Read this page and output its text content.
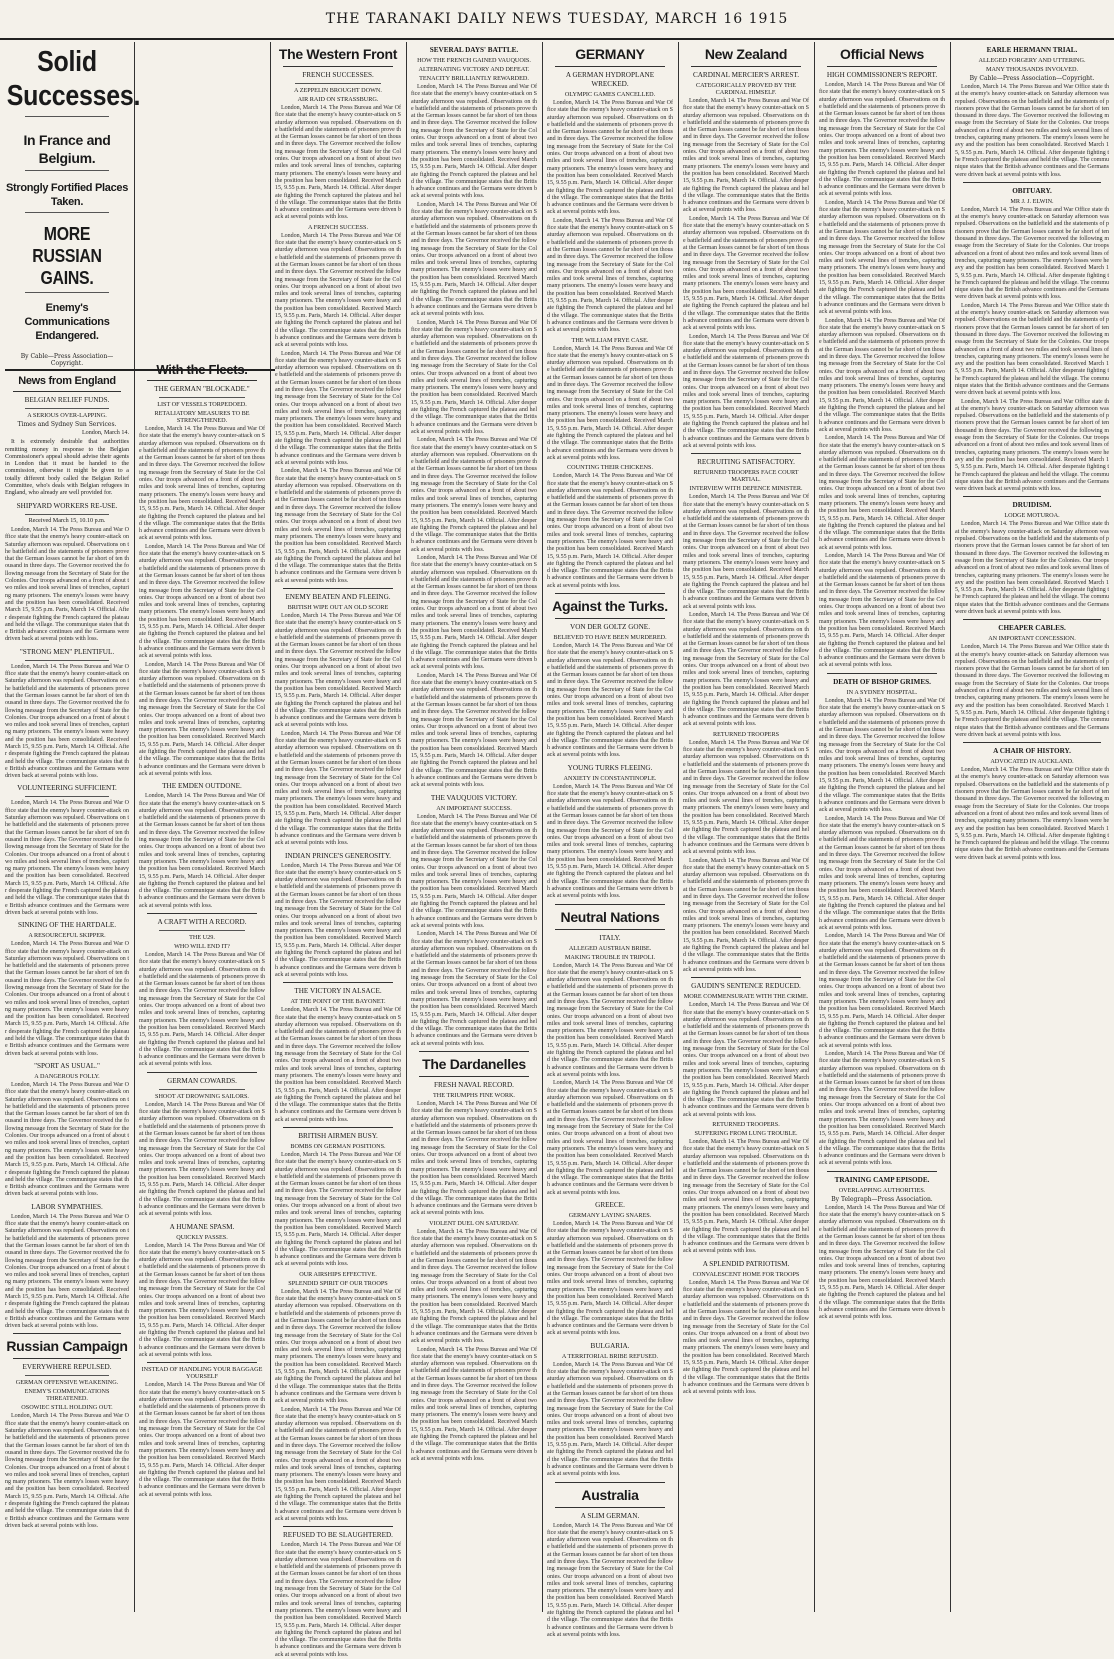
THE TARANAKI DAILY NEWS TUESDAY, MARCH 16 1915
Solid Successes.
In France and Belgium.
Strongly Fortified Places Taken.
MORE RUSSIAN GAINS.
Enemy's Communications Endangered.
By Cable—Press Association—Copyright.
News from England
BELGIAN RELIEF FUNDS.
A SERIOUS OVER-LAPPING.
Times and Sydney Sun Services.

London, March 14.

It is extremely desirable that authorities remitting money in response to the Belgian Commissioner's appeal should advise their agents in London that it must be handed to the commission, otherwise it might be given to a totally different body called the Belgian Relief Committee, who's deals with Belgian refugees in England, who already are well provided for.

SHIPYARD WORKERS RE-USE.

Received March 15, 10.10 p.m.

London, March 14. The Press Bureau and War Office state that the enemy's heavy counter-attack on Saturday afternoon was repulsed. Observations on the battlefield and the statements of prisoners prove that the German losses cannot be far short of ten thousand in three days. The Governor received the following message from the Secretary of State for the Colonies. Our troops advanced on a front of about two miles and took several lines of trenches, capturing many prisoners. The enemy's losses were heavy and the position has been consolidated. Received March 15, 9.55 p.m. Paris, March 14. Official. After desperate fighting the French captured the plateau and held the village. The communique states that the British advance continues and the Germans were driven back at several points with loss.

"STRONG MEN" PLENTIFUL.

London, March 14. The Press Bureau and War Office state that the enemy's heavy counter-attack on Saturday afternoon was repulsed. Observations on the battlefield and the statements of prisoners prove that the German losses cannot be far short of ten thousand in three days. The Governor received the following message from the Secretary of State for the Colonies. Our troops advanced on a front of about two miles and took several lines of trenches, capturing many prisoners. The enemy's losses were heavy and the position has been consolidated. Received March 15, 9.55 p.m. Paris, March 14. Official. After desperate fighting the French captured the plateau and held the village. The communique states that the British advance continues and the Germans were driven back at several points with loss.

VOLUNTEERING SUFFICIENT.

London, March 14. The Press Bureau and War Office state that the enemy's heavy counter-attack on Saturday afternoon was repulsed. Observations on the battlefield and the statements of prisoners prove that the German losses cannot be far short of ten thousand in three days. The Governor received the following message from the Secretary of State for the Colonies. Our troops advanced on a front of about two miles and took several lines of trenches, capturing many prisoners. The enemy's losses were heavy and the position has been consolidated. Received March 15, 9.55 p.m. Paris, March 14. Official. After desperate fighting the French captured the plateau and held the village. The communique states that the British advance continues and the Germans were driven back at several points with loss.

SINKING OF THE HARTDALE.
A RESOURCEFUL SKIPPER.

London, March 14. The Press Bureau and War Office state that the enemy's heavy counter-attack on Saturday afternoon was repulsed. Observations on the battlefield and the statements of prisoners prove that the German losses cannot be far short of ten thousand in three days. The Governor received the following message from the Secretary of State for the Colonies. Our troops advanced on a front of about two miles and took several lines of trenches, capturing many prisoners. The enemy's losses were heavy and the position has been consolidated. Received March 15, 9.55 p.m. Paris, March 14. Official. After desperate fighting the French captured the plateau and held the village. The communique states that the British advance continues and the Germans were driven back at several points with loss.

"SPORT AS USUAL."
A DANGEROUS FOLLY.

London, March 14. The Press Bureau and War Office state that the enemy's heavy counter-attack on Saturday afternoon was repulsed. Observations on the battlefield and the statements of prisoners prove that the German losses cannot be far short of ten thousand in three days. The Governor received the following message from the Secretary of State for the Colonies. Our troops advanced on a front of about two miles and took several lines of trenches, capturing many prisoners. The enemy's losses were heavy and the position has been consolidated. Received March 15, 9.55 p.m. Paris, March 14. Official. After desperate fighting the French captured the plateau and held the village. The communique states that the British advance continues and the Germans were driven back at several points with loss.

LABOR SYMPATHIES.

London, March 14. The Press Bureau and War Office state that the enemy's heavy counter-attack on Saturday afternoon was repulsed. Observations on the battlefield and the statements of prisoners prove that the German losses cannot be far short of ten thousand in three days. The Governor received the following message from the Secretary of State for the Colonies. Our troops advanced on a front of about two miles and took several lines of trenches, capturing many prisoners. The enemy's losses were heavy and the position has been consolidated. Received March 15, 9.55 p.m. Paris, March 14. Official. After desperate fighting the French captured the plateau and held the village. The communique states that the British advance continues and the Germans were driven back at several points with loss.

Russian Campaign
EVERYWHERE REPULSED.
GERMAN OFFENSIVE WEAKENING.
ENEMY'S COMMUNICATIONS THREATENED.
OSOWIEC STILL HOLDING OUT.

London, March 14. The Press Bureau and War Office state that the enemy's heavy counter-attack on Saturday afternoon was repulsed. Observations on the battlefield and the statements of prisoners prove that the German losses cannot be far short of ten thousand in three days. The Governor received the following message from the Secretary of State for the Colonies. Our troops advanced on a front of about two miles and took several lines of trenches, capturing many prisoners. The enemy's losses were heavy and the position has been consolidated. Received March 15, 9.55 p.m. Paris, March 14. Official. After desperate fighting the French captured the plateau and held the village. The communique states that the British advance continues and the Germans were driven back at several points with loss.

With the Fleets.
THE GERMAN "BLOCKADE."
LIST OF VESSELS TORPEDOED.
RETALIATORY MEASURES TO BE STRENGTHENED.

London, March 14. The Press Bureau and War Office state that the enemy's heavy counter-attack on Saturday afternoon was repulsed. Observations on the battlefield and the statements of prisoners prove that the German losses cannot be far short of ten thousand in three days. The Governor received the following message from the Secretary of State for the Colonies. Our troops advanced on a front of about two miles and took several lines of trenches, capturing many prisoners. The enemy's losses were heavy and the position has been consolidated. Received March 15, 9.55 p.m. Paris, March 14. Official. After desperate fighting the French captured the plateau and held the village. The communique states that the British advance continues and the Germans were driven back at several points with loss.

London, March 14. The Press Bureau and War Office state that the enemy's heavy counter-attack on Saturday afternoon was repulsed. Observations on the battlefield and the statements of prisoners prove that the German losses cannot be far short of ten thousand in three days. The Governor received the following message from the Secretary of State for the Colonies. Our troops advanced on a front of about two miles and took several lines of trenches, capturing many prisoners. The enemy's losses were heavy and the position has been consolidated. Received March 15, 9.55 p.m. Paris, March 14. Official. After desperate fighting the French captured the plateau and held the village. The communique states that the British advance continues and the Germans were driven back at several points with loss.

London, March 14. The Press Bureau and War Office state that the enemy's heavy counter-attack on Saturday afternoon was repulsed. Observations on the battlefield and the statements of prisoners prove that the German losses cannot be far short of ten thousand in three days. The Governor received the following message from the Secretary of State for the Colonies. Our troops advanced on a front of about two miles and took several lines of trenches, capturing many prisoners. The enemy's losses were heavy and the position has been consolidated. Received March 15, 9.55 p.m. Paris, March 14. Official. After desperate fighting the French captured the plateau and held the village. The communique states that the British advance continues and the Germans were driven back at several points with loss.

THE EMDEN OUTDONE.

London, March 14. The Press Bureau and War Office state that the enemy's heavy counter-attack on Saturday afternoon was repulsed. Observations on the battlefield and the statements of prisoners prove that the German losses cannot be far short of ten thousand in three days. The Governor received the following message from the Secretary of State for the Colonies. Our troops advanced on a front of about two miles and took several lines of trenches, capturing many prisoners. The enemy's losses were heavy and the position has been consolidated. Received March 15, 9.55 p.m. Paris, March 14. Official. After desperate fighting the French captured the plateau and held the village. The communique states that the British advance continues and the Germans were driven back at several points with loss.

A CRAFT WITH A RECORD.
THE U29.
WHO WILL END IT?

London, March 14. The Press Bureau and War Office state that the enemy's heavy counter-attack on Saturday afternoon was repulsed. Observations on the battlefield and the statements of prisoners prove that the German losses cannot be far short of ten thousand in three days. The Governor received the following message from the Secretary of State for the Colonies. Our troops advanced on a front of about two miles and took several lines of trenches, capturing many prisoners. The enemy's losses were heavy and the position has been consolidated. Received March 15, 9.55 p.m. Paris, March 14. Official. After desperate fighting the French captured the plateau and held the village. The communique states that the British advance continues and the Germans were driven back at several points with loss.

GERMAN COWARDS.
SHOOT AT DROWNING SAILORS.

London, March 14. The Press Bureau and War Office state that the enemy's heavy counter-attack on Saturday afternoon was repulsed. Observations on the battlefield and the statements of prisoners prove that the German losses cannot be far short of ten thousand in three days. The Governor received the following message from the Secretary of State for the Colonies. Our troops advanced on a front of about two miles and took several lines of trenches, capturing many prisoners. The enemy's losses were heavy and the position has been consolidated. Received March 15, 9.55 p.m. Paris, March 14. Official. After desperate fighting the French captured the plateau and held the village. The communique states that the British advance continues and the Germans were driven back at several points with loss.

A HUMANE SPASM.
QUICKLY PASSES.

London, March 14. The Press Bureau and War Office state that the enemy's heavy counter-attack on Saturday afternoon was repulsed. Observations on the battlefield and the statements of prisoners prove that the German losses cannot be far short of ten thousand in three days. The Governor received the following message from the Secretary of State for the Colonies. Our troops advanced on a front of about two miles and took several lines of trenches, capturing many prisoners. The enemy's losses were heavy and the position has been consolidated. Received March 15, 9.55 p.m. Paris, March 14. Official. After desperate fighting the French captured the plateau and held the village. The communique states that the British advance continues and the Germans were driven back at several points with loss.

INSTEAD OF HANDLING YOUR BAGGAGE YOURSELF

London, March 14. The Press Bureau and War Office state that the enemy's heavy counter-attack on Saturday afternoon was repulsed. Observations on the battlefield and the statements of prisoners prove that the German losses cannot be far short of ten thousand in three days. The Governor received the following message from the Secretary of State for the Colonies. Our troops advanced on a front of about two miles and took several lines of trenches, capturing many prisoners. The enemy's losses were heavy and the position has been consolidated. Received March 15, 9.55 p.m. Paris, March 14. Official. After desperate fighting the French captured the plateau and held the village. The communique states that the British advance continues and the Germans were driven back at several points with loss.

The Western Front
FRENCH SUCCESSES.
A ZEPPELIN BROUGHT DOWN.
AIR RAID ON STRASSBURG.

London, March 14. The Press Bureau and War Office state that the enemy's heavy counter-attack on Saturday afternoon was repulsed. Observations on the battlefield and the statements of prisoners prove that the German losses cannot be far short of ten thousand in three days. The Governor received the following message from the Secretary of State for the Colonies. Our troops advanced on a front of about two miles and took several lines of trenches, capturing many prisoners. The enemy's losses were heavy and the position has been consolidated. Received March 15, 9.55 p.m. Paris, March 14. Official. After desperate fighting the French captured the plateau and held the village. The communique states that the British advance continues and the Germans were driven back at several points with loss.

A FRENCH SUCCESS.

London, March 14. The Press Bureau and War Office state that the enemy's heavy counter-attack on Saturday afternoon was repulsed. Observations on the battlefield and the statements of prisoners prove that the German losses cannot be far short of ten thousand in three days. The Governor received the following message from the Secretary of State for the Colonies. Our troops advanced on a front of about two miles and took several lines of trenches, capturing many prisoners. The enemy's losses were heavy and the position has been consolidated. Received March 15, 9.55 p.m. Paris, March 14. Official. After desperate fighting the French captured the plateau and held the village. The communique states that the British advance continues and the Germans were driven back at several points with loss.

London, March 14. The Press Bureau and War Office state that the enemy's heavy counter-attack on Saturday afternoon was repulsed. Observations on the battlefield and the statements of prisoners prove that the German losses cannot be far short of ten thousand in three days. The Governor received the following message from the Secretary of State for the Colonies. Our troops advanced on a front of about two miles and took several lines of trenches, capturing many prisoners. The enemy's losses were heavy and the position has been consolidated. Received March 15, 9.55 p.m. Paris, March 14. Official. After desperate fighting the French captured the plateau and held the village. The communique states that the British advance continues and the Germans were driven back at several points with loss.

London, March 14. The Press Bureau and War Office state that the enemy's heavy counter-attack on Saturday afternoon was repulsed. Observations on the battlefield and the statements of prisoners prove that the German losses cannot be far short of ten thousand in three days. The Governor received the following message from the Secretary of State for the Colonies. Our troops advanced on a front of about two miles and took several lines of trenches, capturing many prisoners. The enemy's losses were heavy and the position has been consolidated. Received March 15, 9.55 p.m. Paris, March 14. Official. After desperate fighting the French captured the plateau and held the village. The communique states that the British advance continues and the Germans were driven back at several points with loss.

ENEMY BEATEN AND FLEEING.
BRITISH WIPE OUT AN OLD SCORE

London, March 14. The Press Bureau and War Office state that the enemy's heavy counter-attack on Saturday afternoon was repulsed. Observations on the battlefield and the statements of prisoners prove that the German losses cannot be far short of ten thousand in three days. The Governor received the following message from the Secretary of State for the Colonies. Our troops advanced on a front of about two miles and took several lines of trenches, capturing many prisoners. The enemy's losses were heavy and the position has been consolidated. Received March 15, 9.55 p.m. Paris, March 14. Official. After desperate fighting the French captured the plateau and held the village. The communique states that the British advance continues and the Germans were driven back at several points with loss.

London, March 14. The Press Bureau and War Office state that the enemy's heavy counter-attack on Saturday afternoon was repulsed. Observations on the battlefield and the statements of prisoners prove that the German losses cannot be far short of ten thousand in three days. The Governor received the following message from the Secretary of State for the Colonies. Our troops advanced on a front of about two miles and took several lines of trenches, capturing many prisoners. The enemy's losses were heavy and the position has been consolidated. Received March 15, 9.55 p.m. Paris, March 14. Official. After desperate fighting the French captured the plateau and held the village. The communique states that the British advance continues and the Germans were driven back at several points with loss.

INDIAN PRINCE'S GENEROSITY.

London, March 14. The Press Bureau and War Office state that the enemy's heavy counter-attack on Saturday afternoon was repulsed. Observations on the battlefield and the statements of prisoners prove that the German losses cannot be far short of ten thousand in three days. The Governor received the following message from the Secretary of State for the Colonies. Our troops advanced on a front of about two miles and took several lines of trenches, capturing many prisoners. The enemy's losses were heavy and the position has been consolidated. Received March 15, 9.55 p.m. Paris, March 14. Official. After desperate fighting the French captured the plateau and held the village. The communique states that the British advance continues and the Germans were driven back at several points with loss.

THE VICTORY IN ALSACE.
AT THE POINT OF THE BAYONET.

London, March 14. The Press Bureau and War Office state that the enemy's heavy counter-attack on Saturday afternoon was repulsed. Observations on the battlefield and the statements of prisoners prove that the German losses cannot be far short of ten thousand in three days. The Governor received the following message from the Secretary of State for the Colonies. Our troops advanced on a front of about two miles and took several lines of trenches, capturing many prisoners. The enemy's losses were heavy and the position has been consolidated. Received March 15, 9.55 p.m. Paris, March 14. Official. After desperate fighting the French captured the plateau and held the village. The communique states that the British advance continues and the Germans were driven back at several points with loss.

BRITISH AIRMEN BUSY.
BOMBS ON GERMAN POSITIONS.

London, March 14. The Press Bureau and War Office state that the enemy's heavy counter-attack on Saturday afternoon was repulsed. Observations on the battlefield and the statements of prisoners prove that the German losses cannot be far short of ten thousand in three days. The Governor received the following message from the Secretary of State for the Colonies. Our troops advanced on a front of about two miles and took several lines of trenches, capturing many prisoners. The enemy's losses were heavy and the position has been consolidated. Received March 15, 9.55 p.m. Paris, March 14. Official. After desperate fighting the French captured the plateau and held the village. The communique states that the British advance continues and the Germans were driven back at several points with loss.

OUR AIRSHIPS EFFECTIVE.
SPLENDID SPIRIT OF OUR TROOPS

London, March 14. The Press Bureau and War Office state that the enemy's heavy counter-attack on Saturday afternoon was repulsed. Observations on the battlefield and the statements of prisoners prove that the German losses cannot be far short of ten thousand in three days. The Governor received the following message from the Secretary of State for the Colonies. Our troops advanced on a front of about two miles and took several lines of trenches, capturing many prisoners. The enemy's losses were heavy and the position has been consolidated. Received March 15, 9.55 p.m. Paris, March 14. Official. After desperate fighting the French captured the plateau and held the village. The communique states that the British advance continues and the Germans were driven back at several points with loss.

London, March 14. The Press Bureau and War Office state that the enemy's heavy counter-attack on Saturday afternoon was repulsed. Observations on the battlefield and the statements of prisoners prove that the German losses cannot be far short of ten thousand in three days. The Governor received the following message from the Secretary of State for the Colonies. Our troops advanced on a front of about two miles and took several lines of trenches, capturing many prisoners. The enemy's losses were heavy and the position has been consolidated. Received March 15, 9.55 p.m. Paris, March 14. Official. After desperate fighting the French captured the plateau and held the village. The communique states that the British advance continues and the Germans were driven back at several points with loss.

REFUSED TO BE SLAUGHTERED.

London, March 14. The Press Bureau and War Office state that the enemy's heavy counter-attack on Saturday afternoon was repulsed. Observations on the battlefield and the statements of prisoners prove that the German losses cannot be far short of ten thousand in three days. The Governor received the following message from the Secretary of State for the Colonies. Our troops advanced on a front of about two miles and took several lines of trenches, capturing many prisoners. The enemy's losses were heavy and the position has been consolidated. Received March 15, 9.55 p.m. Paris, March 14. Official. After desperate fighting the French captured the plateau and held the village. The communique states that the British advance continues and the Germans were driven back at several points with loss.

SEVERAL DAYS' BATTLE.
HOW THE FRENCH GAINED VAUQUOIS.
ALTERNATING VICTORY AND DEFEAT.
TENACITY BRILLIANTLY REWARDED.

London, March 14. The Press Bureau and War Office state that the enemy's heavy counter-attack on Saturday afternoon was repulsed. Observations on the battlefield and the statements of prisoners prove that the German losses cannot be far short of ten thousand in three days. The Governor received the following message from the Secretary of State for the Colonies. Our troops advanced on a front of about two miles and took several lines of trenches, capturing many prisoners. The enemy's losses were heavy and the position has been consolidated. Received March 15, 9.55 p.m. Paris, March 14. Official. After desperate fighting the French captured the plateau and held the village. The communique states that the British advance continues and the Germans were driven back at several points with loss.

London, March 14. The Press Bureau and War Office state that the enemy's heavy counter-attack on Saturday afternoon was repulsed. Observations on the battlefield and the statements of prisoners prove that the German losses cannot be far short of ten thousand in three days. The Governor received the following message from the Secretary of State for the Colonies. Our troops advanced on a front of about two miles and took several lines of trenches, capturing many prisoners. The enemy's losses were heavy and the position has been consolidated. Received March 15, 9.55 p.m. Paris, March 14. Official. After desperate fighting the French captured the plateau and held the village. The communique states that the British advance continues and the Germans were driven back at several points with loss.

London, March 14. The Press Bureau and War Office state that the enemy's heavy counter-attack on Saturday afternoon was repulsed. Observations on the battlefield and the statements of prisoners prove that the German losses cannot be far short of ten thousand in three days. The Governor received the following message from the Secretary of State for the Colonies. Our troops advanced on a front of about two miles and took several lines of trenches, capturing many prisoners. The enemy's losses were heavy and the position has been consolidated. Received March 15, 9.55 p.m. Paris, March 14. Official. After desperate fighting the French captured the plateau and held the village. The communique states that the British advance continues and the Germans were driven back at several points with loss.

London, March 14. The Press Bureau and War Office state that the enemy's heavy counter-attack on Saturday afternoon was repulsed. Observations on the battlefield and the statements of prisoners prove that the German losses cannot be far short of ten thousand in three days. The Governor received the following message from the Secretary of State for the Colonies. Our troops advanced on a front of about two miles and took several lines of trenches, capturing many prisoners. The enemy's losses were heavy and the position has been consolidated. Received March 15, 9.55 p.m. Paris, March 14. Official. After desperate fighting the French captured the plateau and held the village. The communique states that the British advance continues and the Germans were driven back at several points with loss.

London, March 14. The Press Bureau and War Office state that the enemy's heavy counter-attack on Saturday afternoon was repulsed. Observations on the battlefield and the statements of prisoners prove that the German losses cannot be far short of ten thousand in three days. The Governor received the following message from the Secretary of State for the Colonies. Our troops advanced on a front of about two miles and took several lines of trenches, capturing many prisoners. The enemy's losses were heavy and the position has been consolidated. Received March 15, 9.55 p.m. Paris, March 14. Official. After desperate fighting the French captured the plateau and held the village. The communique states that the British advance continues and the Germans were driven back at several points with loss.

London, March 14. The Press Bureau and War Office state that the enemy's heavy counter-attack on Saturday afternoon was repulsed. Observations on the battlefield and the statements of prisoners prove that the German losses cannot be far short of ten thousand in three days. The Governor received the following message from the Secretary of State for the Colonies. Our troops advanced on a front of about two miles and took several lines of trenches, capturing many prisoners. The enemy's losses were heavy and the position has been consolidated. Received March 15, 9.55 p.m. Paris, March 14. Official. After desperate fighting the French captured the plateau and held the village. The communique states that the British advance continues and the Germans were driven back at several points with loss.

THE VAUQUOIS VICTORY.
AN IMPORTANT SUCCESS.

London, March 14. The Press Bureau and War Office state that the enemy's heavy counter-attack on Saturday afternoon was repulsed. Observations on the battlefield and the statements of prisoners prove that the German losses cannot be far short of ten thousand in three days. The Governor received the following message from the Secretary of State for the Colonies. Our troops advanced on a front of about two miles and took several lines of trenches, capturing many prisoners. The enemy's losses were heavy and the position has been consolidated. Received March 15, 9.55 p.m. Paris, March 14. Official. After desperate fighting the French captured the plateau and held the village. The communique states that the British advance continues and the Germans were driven back at several points with loss.

London, March 14. The Press Bureau and War Office state that the enemy's heavy counter-attack on Saturday afternoon was repulsed. Observations on the battlefield and the statements of prisoners prove that the German losses cannot be far short of ten thousand in three days. The Governor received the following message from the Secretary of State for the Colonies. Our troops advanced on a front of about two miles and took several lines of trenches, capturing many prisoners. The enemy's losses were heavy and the position has been consolidated. Received March 15, 9.55 p.m. Paris, March 14. Official. After desperate fighting the French captured the plateau and held the village. The communique states that the British advance continues and the Germans were driven back at several points with loss.

The Dardanelles
FRESH NAVAL RECORD.
THE TRIUMPHS FINE WORK.

London, March 14. The Press Bureau and War Office state that the enemy's heavy counter-attack on Saturday afternoon was repulsed. Observations on the battlefield and the statements of prisoners prove that the German losses cannot be far short of ten thousand in three days. The Governor received the following message from the Secretary of State for the Colonies. Our troops advanced on a front of about two miles and took several lines of trenches, capturing many prisoners. The enemy's losses were heavy and the position has been consolidated. Received March 15, 9.55 p.m. Paris, March 14. Official. After desperate fighting the French captured the plateau and held the village. The communique states that the British advance continues and the Germans were driven back at several points with loss.

VIOLENT DUEL ON SATURDAY.

London, March 14. The Press Bureau and War Office state that the enemy's heavy counter-attack on Saturday afternoon was repulsed. Observations on the battlefield and the statements of prisoners prove that the German losses cannot be far short of ten thousand in three days. The Governor received the following message from the Secretary of State for the Colonies. Our troops advanced on a front of about two miles and took several lines of trenches, capturing many prisoners. The enemy's losses were heavy and the position has been consolidated. Received March 15, 9.55 p.m. Paris, March 14. Official. After desperate fighting the French captured the plateau and held the village. The communique states that the British advance continues and the Germans were driven back at several points with loss.

London, March 14. The Press Bureau and War Office state that the enemy's heavy counter-attack on Saturday afternoon was repulsed. Observations on the battlefield and the statements of prisoners prove that the German losses cannot be far short of ten thousand in three days. The Governor received the following message from the Secretary of State for the Colonies. Our troops advanced on a front of about two miles and took several lines of trenches, capturing many prisoners. The enemy's losses were heavy and the position has been consolidated. Received March 15, 9.55 p.m. Paris, March 14. Official. After desperate fighting the French captured the plateau and held the village. The communique states that the British advance continues and the Germans were driven back at several points with loss.

GERMANY
A GERMAN HYDROPLANE WRECKED.
OLYMPIC GAMES CANCELLED.

London, March 14. The Press Bureau and War Office state that the enemy's heavy counter-attack on Saturday afternoon was repulsed. Observations on the battlefield and the statements of prisoners prove that the German losses cannot be far short of ten thousand in three days. The Governor received the following message from the Secretary of State for the Colonies. Our troops advanced on a front of about two miles and took several lines of trenches, capturing many prisoners. The enemy's losses were heavy and the position has been consolidated. Received March 15, 9.55 p.m. Paris, March 14. Official. After desperate fighting the French captured the plateau and held the village. The communique states that the British advance continues and the Germans were driven back at several points with loss.

London, March 14. The Press Bureau and War Office state that the enemy's heavy counter-attack on Saturday afternoon was repulsed. Observations on the battlefield and the statements of prisoners prove that the German losses cannot be far short of ten thousand in three days. The Governor received the following message from the Secretary of State for the Colonies. Our troops advanced on a front of about two miles and took several lines of trenches, capturing many prisoners. The enemy's losses were heavy and the position has been consolidated. Received March 15, 9.55 p.m. Paris, March 14. Official. After desperate fighting the French captured the plateau and held the village. The communique states that the British advance continues and the Germans were driven back at several points with loss.

THE WILLIAM FRYE CASE.

London, March 14. The Press Bureau and War Office state that the enemy's heavy counter-attack on Saturday afternoon was repulsed. Observations on the battlefield and the statements of prisoners prove that the German losses cannot be far short of ten thousand in three days. The Governor received the following message from the Secretary of State for the Colonies. Our troops advanced on a front of about two miles and took several lines of trenches, capturing many prisoners. The enemy's losses were heavy and the position has been consolidated. Received March 15, 9.55 p.m. Paris, March 14. Official. After desperate fighting the French captured the plateau and held the village. The communique states that the British advance continues and the Germans were driven back at several points with loss.

COUNTING THEIR CHICKENS.

London, March 14. The Press Bureau and War Office state that the enemy's heavy counter-attack on Saturday afternoon was repulsed. Observations on the battlefield and the statements of prisoners prove that the German losses cannot be far short of ten thousand in three days. The Governor received the following message from the Secretary of State for the Colonies. Our troops advanced on a front of about two miles and took several lines of trenches, capturing many prisoners. The enemy's losses were heavy and the position has been consolidated. Received March 15, 9.55 p.m. Paris, March 14. Official. After desperate fighting the French captured the plateau and held the village. The communique states that the British advance continues and the Germans were driven back at several points with loss.

Against the Turks.
VON DER GOLTZ GONE.
BELIEVED TO HAVE BEEN MURDERED.

London, March 14. The Press Bureau and War Office state that the enemy's heavy counter-attack on Saturday afternoon was repulsed. Observations on the battlefield and the statements of prisoners prove that the German losses cannot be far short of ten thousand in three days. The Governor received the following message from the Secretary of State for the Colonies. Our troops advanced on a front of about two miles and took several lines of trenches, capturing many prisoners. The enemy's losses were heavy and the position has been consolidated. Received March 15, 9.55 p.m. Paris, March 14. Official. After desperate fighting the French captured the plateau and held the village. The communique states that the British advance continues and the Germans were driven back at several points with loss.

YOUNG TURKS FLEEING.
ANXIETY IN CONSTANTINOPLE.

London, March 14. The Press Bureau and War Office state that the enemy's heavy counter-attack on Saturday afternoon was repulsed. Observations on the battlefield and the statements of prisoners prove that the German losses cannot be far short of ten thousand in three days. The Governor received the following message from the Secretary of State for the Colonies. Our troops advanced on a front of about two miles and took several lines of trenches, capturing many prisoners. The enemy's losses were heavy and the position has been consolidated. Received March 15, 9.55 p.m. Paris, March 14. Official. After desperate fighting the French captured the plateau and held the village. The communique states that the British advance continues and the Germans were driven back at several points with loss.

Neutral Nations
ITALY.
ALLEGED AUSTRIAN BRIBE.
MAKING TROUBLE IN TRIPOLI.

London, March 14. The Press Bureau and War Office state that the enemy's heavy counter-attack on Saturday afternoon was repulsed. Observations on the battlefield and the statements of prisoners prove that the German losses cannot be far short of ten thousand in three days. The Governor received the following message from the Secretary of State for the Colonies. Our troops advanced on a front of about two miles and took several lines of trenches, capturing many prisoners. The enemy's losses were heavy and the position has been consolidated. Received March 15, 9.55 p.m. Paris, March 14. Official. After desperate fighting the French captured the plateau and held the village. The communique states that the British advance continues and the Germans were driven back at several points with loss.

London, March 14. The Press Bureau and War Office state that the enemy's heavy counter-attack on Saturday afternoon was repulsed. Observations on the battlefield and the statements of prisoners prove that the German losses cannot be far short of ten thousand in three days. The Governor received the following message from the Secretary of State for the Colonies. Our troops advanced on a front of about two miles and took several lines of trenches, capturing many prisoners. The enemy's losses were heavy and the position has been consolidated. Received March 15, 9.55 p.m. Paris, March 14. Official. After desperate fighting the French captured the plateau and held the village. The communique states that the British advance continues and the Germans were driven back at several points with loss.

GREECE.
GERMANY LAYING SNARES.

London, March 14. The Press Bureau and War Office state that the enemy's heavy counter-attack on Saturday afternoon was repulsed. Observations on the battlefield and the statements of prisoners prove that the German losses cannot be far short of ten thousand in three days. The Governor received the following message from the Secretary of State for the Colonies. Our troops advanced on a front of about two miles and took several lines of trenches, capturing many prisoners. The enemy's losses were heavy and the position has been consolidated. Received March 15, 9.55 p.m. Paris, March 14. Official. After desperate fighting the French captured the plateau and held the village. The communique states that the British advance continues and the Germans were driven back at several points with loss.

BULGARIA.
A TERRITORIAL BRIBE REFUSED.

London, March 14. The Press Bureau and War Office state that the enemy's heavy counter-attack on Saturday afternoon was repulsed. Observations on the battlefield and the statements of prisoners prove that the German losses cannot be far short of ten thousand in three days. The Governor received the following message from the Secretary of State for the Colonies. Our troops advanced on a front of about two miles and took several lines of trenches, capturing many prisoners. The enemy's losses were heavy and the position has been consolidated. Received March 15, 9.55 p.m. Paris, March 14. Official. After desperate fighting the French captured the plateau and held the village. The communique states that the British advance continues and the Germans were driven back at several points with loss.

Australia
A SLIM GERMAN.

London, March 14. The Press Bureau and War Office state that the enemy's heavy counter-attack on Saturday afternoon was repulsed. Observations on the battlefield and the statements of prisoners prove that the German losses cannot be far short of ten thousand in three days. The Governor received the following message from the Secretary of State for the Colonies. Our troops advanced on a front of about two miles and took several lines of trenches, capturing many prisoners. The enemy's losses were heavy and the position has been consolidated. Received March 15, 9.55 p.m. Paris, March 14. Official. After desperate fighting the French captured the plateau and held the village. The communique states that the British advance continues and the Germans were driven back at several points with loss.

New Zealand
CARDINAL MERCIER'S ARREST.
CATEGORICALLY PROVED BY THE CARDINAL HIMSELF.

London, March 14. The Press Bureau and War Office state that the enemy's heavy counter-attack on Saturday afternoon was repulsed. Observations on the battlefield and the statements of prisoners prove that the German losses cannot be far short of ten thousand in three days. The Governor received the following message from the Secretary of State for the Colonies. Our troops advanced on a front of about two miles and took several lines of trenches, capturing many prisoners. The enemy's losses were heavy and the position has been consolidated. Received March 15, 9.55 p.m. Paris, March 14. Official. After desperate fighting the French captured the plateau and held the village. The communique states that the British advance continues and the Germans were driven back at several points with loss.

London, March 14. The Press Bureau and War Office state that the enemy's heavy counter-attack on Saturday afternoon was repulsed. Observations on the battlefield and the statements of prisoners prove that the German losses cannot be far short of ten thousand in three days. The Governor received the following message from the Secretary of State for the Colonies. Our troops advanced on a front of about two miles and took several lines of trenches, capturing many prisoners. The enemy's losses were heavy and the position has been consolidated. Received March 15, 9.55 p.m. Paris, March 14. Official. After desperate fighting the French captured the plateau and held the village. The communique states that the British advance continues and the Germans were driven back at several points with loss.

London, March 14. The Press Bureau and War Office state that the enemy's heavy counter-attack on Saturday afternoon was repulsed. Observations on the battlefield and the statements of prisoners prove that the German losses cannot be far short of ten thousand in three days. The Governor received the following message from the Secretary of State for the Colonies. Our troops advanced on a front of about two miles and took several lines of trenches, capturing many prisoners. The enemy's losses were heavy and the position has been consolidated. Received March 15, 9.55 p.m. Paris, March 14. Official. After desperate fighting the French captured the plateau and held the village. The communique states that the British advance continues and the Germans were driven back at several points with loss.

RECRUITING SATISFACTORY.
RETURNED TROOPERS FACE COURT MARTIAL.
INTERVIEW WITH DEFENCE MINISTER.

London, March 14. The Press Bureau and War Office state that the enemy's heavy counter-attack on Saturday afternoon was repulsed. Observations on the battlefield and the statements of prisoners prove that the German losses cannot be far short of ten thousand in three days. The Governor received the following message from the Secretary of State for the Colonies. Our troops advanced on a front of about two miles and took several lines of trenches, capturing many prisoners. The enemy's losses were heavy and the position has been consolidated. Received March 15, 9.55 p.m. Paris, March 14. Official. After desperate fighting the French captured the plateau and held the village. The communique states that the British advance continues and the Germans were driven back at several points with loss.

London, March 14. The Press Bureau and War Office state that the enemy's heavy counter-attack on Saturday afternoon was repulsed. Observations on the battlefield and the statements of prisoners prove that the German losses cannot be far short of ten thousand in three days. The Governor received the following message from the Secretary of State for the Colonies. Our troops advanced on a front of about two miles and took several lines of trenches, capturing many prisoners. The enemy's losses were heavy and the position has been consolidated. Received March 15, 9.55 p.m. Paris, March 14. Official. After desperate fighting the French captured the plateau and held the village. The communique states that the British advance continues and the Germans were driven back at several points with loss.

RETURNED TROOPERS

London, March 14. The Press Bureau and War Office state that the enemy's heavy counter-attack on Saturday afternoon was repulsed. Observations on the battlefield and the statements of prisoners prove that the German losses cannot be far short of ten thousand in three days. The Governor received the following message from the Secretary of State for the Colonies. Our troops advanced on a front of about two miles and took several lines of trenches, capturing many prisoners. The enemy's losses were heavy and the position has been consolidated. Received March 15, 9.55 p.m. Paris, March 14. Official. After desperate fighting the French captured the plateau and held the village. The communique states that the British advance continues and the Germans were driven back at several points with loss.

London, March 14. The Press Bureau and War Office state that the enemy's heavy counter-attack on Saturday afternoon was repulsed. Observations on the battlefield and the statements of prisoners prove that the German losses cannot be far short of ten thousand in three days. The Governor received the following message from the Secretary of State for the Colonies. Our troops advanced on a front of about two miles and took several lines of trenches, capturing many prisoners. The enemy's losses were heavy and the position has been consolidated. Received March 15, 9.55 p.m. Paris, March 14. Official. After desperate fighting the French captured the plateau and held the village. The communique states that the British advance continues and the Germans were driven back at several points with loss.

GAUDIN'S SENTENCE REDUCED.
MORE COMMENSURATE WITH THE CRIME.

London, March 14. The Press Bureau and War Office state that the enemy's heavy counter-attack on Saturday afternoon was repulsed. Observations on the battlefield and the statements of prisoners prove that the German losses cannot be far short of ten thousand in three days. The Governor received the following message from the Secretary of State for the Colonies. Our troops advanced on a front of about two miles and took several lines of trenches, capturing many prisoners. The enemy's losses were heavy and the position has been consolidated. Received March 15, 9.55 p.m. Paris, March 14. Official. After desperate fighting the French captured the plateau and held the village. The communique states that the British advance continues and the Germans were driven back at several points with loss.

RETURNED TROOPERS.
SUFFERING FROM LUNG TROUBLE.

London, March 14. The Press Bureau and War Office state that the enemy's heavy counter-attack on Saturday afternoon was repulsed. Observations on the battlefield and the statements of prisoners prove that the German losses cannot be far short of ten thousand in three days. The Governor received the following message from the Secretary of State for the Colonies. Our troops advanced on a front of about two miles and took several lines of trenches, capturing many prisoners. The enemy's losses were heavy and the position has been consolidated. Received March 15, 9.55 p.m. Paris, March 14. Official. After desperate fighting the French captured the plateau and held the village. The communique states that the British advance continues and the Germans were driven back at several points with loss.

A SPLENDID PATRIOTISM.
CONVALESCENT HOME FOR TROOPS

London, March 14. The Press Bureau and War Office state that the enemy's heavy counter-attack on Saturday afternoon was repulsed. Observations on the battlefield and the statements of prisoners prove that the German losses cannot be far short of ten thousand in three days. The Governor received the following message from the Secretary of State for the Colonies. Our troops advanced on a front of about two miles and took several lines of trenches, capturing many prisoners. The enemy's losses were heavy and the position has been consolidated. Received March 15, 9.55 p.m. Paris, March 14. Official. After desperate fighting the French captured the plateau and held the village. The communique states that the British advance continues and the Germans were driven back at several points with loss.

Official News
HIGH COMMISSIONER'S REPORT.

London, March 14. The Press Bureau and War Office state that the enemy's heavy counter-attack on Saturday afternoon was repulsed. Observations on the battlefield and the statements of prisoners prove that the German losses cannot be far short of ten thousand in three days. The Governor received the following message from the Secretary of State for the Colonies. Our troops advanced on a front of about two miles and took several lines of trenches, capturing many prisoners. The enemy's losses were heavy and the position has been consolidated. Received March 15, 9.55 p.m. Paris, March 14. Official. After desperate fighting the French captured the plateau and held the village. The communique states that the British advance continues and the Germans were driven back at several points with loss.

London, March 14. The Press Bureau and War Office state that the enemy's heavy counter-attack on Saturday afternoon was repulsed. Observations on the battlefield and the statements of prisoners prove that the German losses cannot be far short of ten thousand in three days. The Governor received the following message from the Secretary of State for the Colonies. Our troops advanced on a front of about two miles and took several lines of trenches, capturing many prisoners. The enemy's losses were heavy and the position has been consolidated. Received March 15, 9.55 p.m. Paris, March 14. Official. After desperate fighting the French captured the plateau and held the village. The communique states that the British advance continues and the Germans were driven back at several points with loss.

London, March 14. The Press Bureau and War Office state that the enemy's heavy counter-attack on Saturday afternoon was repulsed. Observations on the battlefield and the statements of prisoners prove that the German losses cannot be far short of ten thousand in three days. The Governor received the following message from the Secretary of State for the Colonies. Our troops advanced on a front of about two miles and took several lines of trenches, capturing many prisoners. The enemy's losses were heavy and the position has been consolidated. Received March 15, 9.55 p.m. Paris, March 14. Official. After desperate fighting the French captured the plateau and held the village. The communique states that the British advance continues and the Germans were driven back at several points with loss.

London, March 14. The Press Bureau and War Office state that the enemy's heavy counter-attack on Saturday afternoon was repulsed. Observations on the battlefield and the statements of prisoners prove that the German losses cannot be far short of ten thousand in three days. The Governor received the following message from the Secretary of State for the Colonies. Our troops advanced on a front of about two miles and took several lines of trenches, capturing many prisoners. The enemy's losses were heavy and the position has been consolidated. Received March 15, 9.55 p.m. Paris, March 14. Official. After desperate fighting the French captured the plateau and held the village. The communique states that the British advance continues and the Germans were driven back at several points with loss.

London, March 14. The Press Bureau and War Office state that the enemy's heavy counter-attack on Saturday afternoon was repulsed. Observations on the battlefield and the statements of prisoners prove that the German losses cannot be far short of ten thousand in three days. The Governor received the following message from the Secretary of State for the Colonies. Our troops advanced on a front of about two miles and took several lines of trenches, capturing many prisoners. The enemy's losses were heavy and the position has been consolidated. Received March 15, 9.55 p.m. Paris, March 14. Official. After desperate fighting the French captured the plateau and held the village. The communique states that the British advance continues and the Germans were driven back at several points with loss.

DEATH OF BISHOP GRIMES.
IN A SYDNEY HOSPITAL.

London, March 14. The Press Bureau and War Office state that the enemy's heavy counter-attack on Saturday afternoon was repulsed. Observations on the battlefield and the statements of prisoners prove that the German losses cannot be far short of ten thousand in three days. The Governor received the following message from the Secretary of State for the Colonies. Our troops advanced on a front of about two miles and took several lines of trenches, capturing many prisoners. The enemy's losses were heavy and the position has been consolidated. Received March 15, 9.55 p.m. Paris, March 14. Official. After desperate fighting the French captured the plateau and held the village. The communique states that the British advance continues and the Germans were driven back at several points with loss.

London, March 14. The Press Bureau and War Office state that the enemy's heavy counter-attack on Saturday afternoon was repulsed. Observations on the battlefield and the statements of prisoners prove that the German losses cannot be far short of ten thousand in three days. The Governor received the following message from the Secretary of State for the Colonies. Our troops advanced on a front of about two miles and took several lines of trenches, capturing many prisoners. The enemy's losses were heavy and the position has been consolidated. Received March 15, 9.55 p.m. Paris, March 14. Official. After desperate fighting the French captured the plateau and held the village. The communique states that the British advance continues and the Germans were driven back at several points with loss.

London, March 14. The Press Bureau and War Office state that the enemy's heavy counter-attack on Saturday afternoon was repulsed. Observations on the battlefield and the statements of prisoners prove that the German losses cannot be far short of ten thousand in three days. The Governor received the following message from the Secretary of State for the Colonies. Our troops advanced on a front of about two miles and took several lines of trenches, capturing many prisoners. The enemy's losses were heavy and the position has been consolidated. Received March 15, 9.55 p.m. Paris, March 14. Official. After desperate fighting the French captured the plateau and held the village. The communique states that the British advance continues and the Germans were driven back at several points with loss.

London, March 14. The Press Bureau and War Office state that the enemy's heavy counter-attack on Saturday afternoon was repulsed. Observations on the battlefield and the statements of prisoners prove that the German losses cannot be far short of ten thousand in three days. The Governor received the following message from the Secretary of State for the Colonies. Our troops advanced on a front of about two miles and took several lines of trenches, capturing many prisoners. The enemy's losses were heavy and the position has been consolidated. Received March 15, 9.55 p.m. Paris, March 14. Official. After desperate fighting the French captured the plateau and held the village. The communique states that the British advance continues and the Germans were driven back at several points with loss.

TRAINING CAMP EPISODE.
OVERLAPPING AUTHORITIES.
By Telegraph—Press Association.

London, March 14. The Press Bureau and War Office state that the enemy's heavy counter-attack on Saturday afternoon was repulsed. Observations on the battlefield and the statements of prisoners prove that the German losses cannot be far short of ten thousand in three days. The Governor received the following message from the Secretary of State for the Colonies. Our troops advanced on a front of about two miles and took several lines of trenches, capturing many prisoners. The enemy's losses were heavy and the position has been consolidated. Received March 15, 9.55 p.m. Paris, March 14. Official. After desperate fighting the French captured the plateau and held the village. The communique states that the British advance continues and the Germans were driven back at several points with loss.

EARLE HERMANN TRIAL.
ALLEGED FORGERY AND UTTERING.
MANY THOUSANDS INVOLVED.
By Cable—Press Association—Copyright.

London, March 14. The Press Bureau and War Office state that the enemy's heavy counter-attack on Saturday afternoon was repulsed. Observations on the battlefield and the statements of prisoners prove that the German losses cannot be far short of ten thousand in three days. The Governor received the following message from the Secretary of State for the Colonies. Our troops advanced on a front of about two miles and took several lines of trenches, capturing many prisoners. The enemy's losses were heavy and the position has been consolidated. Received March 15, 9.55 p.m. Paris, March 14. Official. After desperate fighting the French captured the plateau and held the village. The communique states that the British advance continues and the Germans were driven back at several points with loss.

OBITUARY.
MR J. J. ELWIN.

London, March 14. The Press Bureau and War Office state that the enemy's heavy counter-attack on Saturday afternoon was repulsed. Observations on the battlefield and the statements of prisoners prove that the German losses cannot be far short of ten thousand in three days. The Governor received the following message from the Secretary of State for the Colonies. Our troops advanced on a front of about two miles and took several lines of trenches, capturing many prisoners. The enemy's losses were heavy and the position has been consolidated. Received March 15, 9.55 p.m. Paris, March 14. Official. After desperate fighting the French captured the plateau and held the village. The communique states that the British advance continues and the Germans were driven back at several points with loss.

London, March 14. The Press Bureau and War Office state that the enemy's heavy counter-attack on Saturday afternoon was repulsed. Observations on the battlefield and the statements of prisoners prove that the German losses cannot be far short of ten thousand in three days. The Governor received the following message from the Secretary of State for the Colonies. Our troops advanced on a front of about two miles and took several lines of trenches, capturing many prisoners. The enemy's losses were heavy and the position has been consolidated. Received March 15, 9.55 p.m. Paris, March 14. Official. After desperate fighting the French captured the plateau and held the village. The communique states that the British advance continues and the Germans were driven back at several points with loss.

London, March 14. The Press Bureau and War Office state that the enemy's heavy counter-attack on Saturday afternoon was repulsed. Observations on the battlefield and the statements of prisoners prove that the German losses cannot be far short of ten thousand in three days. The Governor received the following message from the Secretary of State for the Colonies. Our troops advanced on a front of about two miles and took several lines of trenches, capturing many prisoners. The enemy's losses were heavy and the position has been consolidated. Received March 15, 9.55 p.m. Paris, March 14. Official. After desperate fighting the French captured the plateau and held the village. The communique states that the British advance continues and the Germans were driven back at several points with loss.

DRUIDISM.
LODGE MOTUROA.

London, March 14. The Press Bureau and War Office state that the enemy's heavy counter-attack on Saturday afternoon was repulsed. Observations on the battlefield and the statements of prisoners prove that the German losses cannot be far short of ten thousand in three days. The Governor received the following message from the Secretary of State for the Colonies. Our troops advanced on a front of about two miles and took several lines of trenches, capturing many prisoners. The enemy's losses were heavy and the position has been consolidated. Received March 15, 9.55 p.m. Paris, March 14. Official. After desperate fighting the French captured the plateau and held the village. The communique states that the British advance continues and the Germans were driven back at several points with loss.

CHEAPER CABLES.
AN IMPORTANT CONCESSION.

London, March 14. The Press Bureau and War Office state that the enemy's heavy counter-attack on Saturday afternoon was repulsed. Observations on the battlefield and the statements of prisoners prove that the German losses cannot be far short of ten thousand in three days. The Governor received the following message from the Secretary of State for the Colonies. Our troops advanced on a front of about two miles and took several lines of trenches, capturing many prisoners. The enemy's losses were heavy and the position has been consolidated. Received March 15, 9.55 p.m. Paris, March 14. Official. After desperate fighting the French captured the plateau and held the village. The communique states that the British advance continues and the Germans were driven back at several points with loss.

A CHAIR OF HISTORY.
ADVOCATED IN AUCKLAND.

London, March 14. The Press Bureau and War Office state that the enemy's heavy counter-attack on Saturday afternoon was repulsed. Observations on the battlefield and the statements of prisoners prove that the German losses cannot be far short of ten thousand in three days. The Governor received the following message from the Secretary of State for the Colonies. Our troops advanced on a front of about two miles and took several lines of trenches, capturing many prisoners. The enemy's losses were heavy and the position has been consolidated. Received March 15, 9.55 p.m. Paris, March 14. Official. After desperate fighting the French captured the plateau and held the village. The communique states that the British advance continues and the Germans were driven back at several points with loss.
